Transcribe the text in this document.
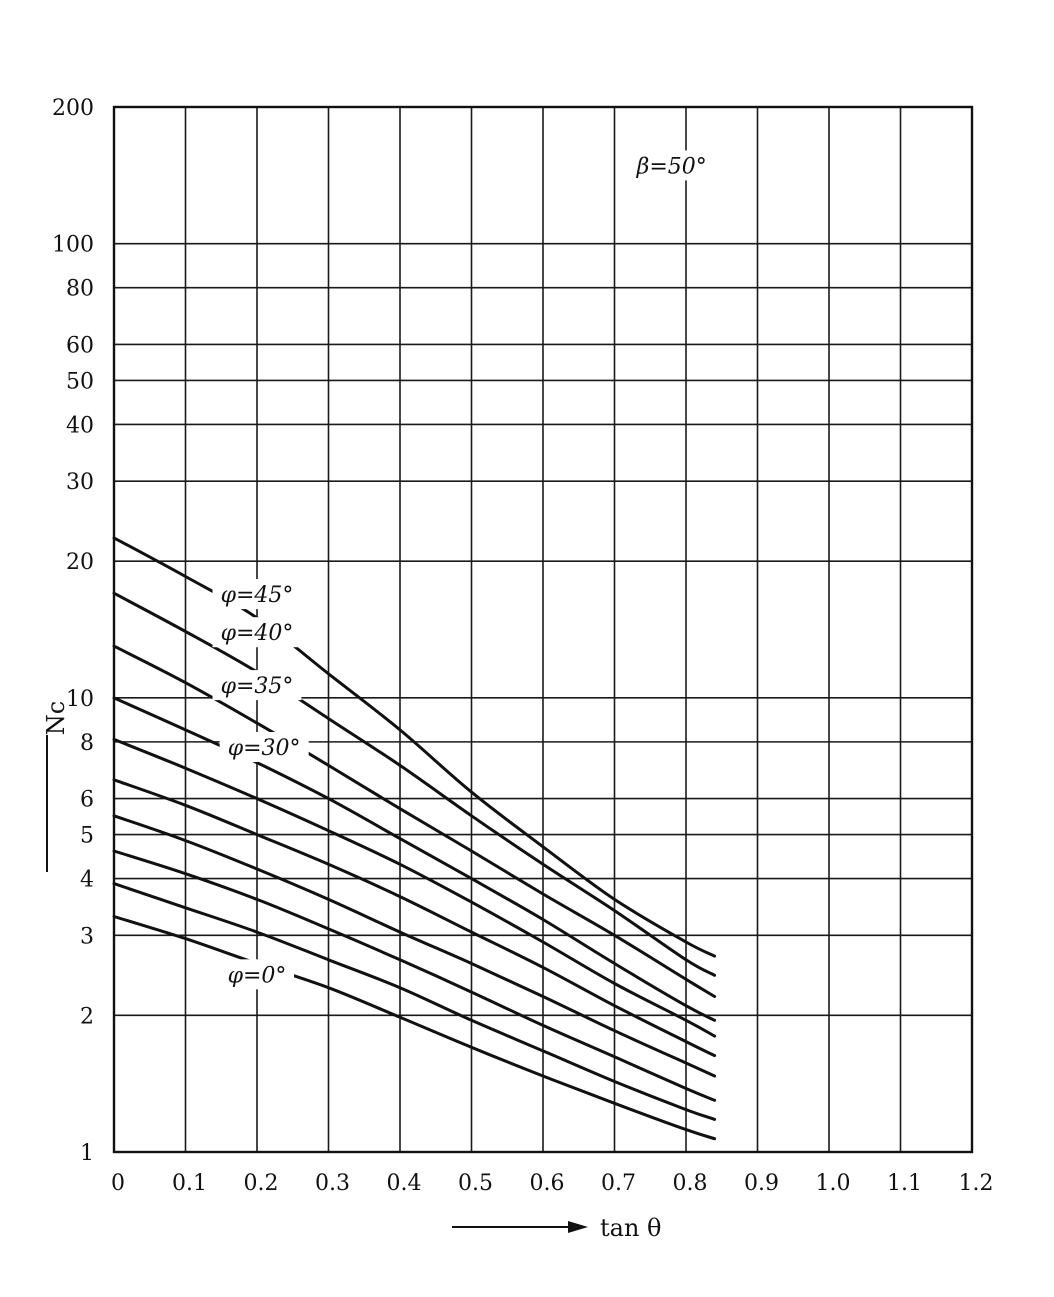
β=50°
φ=45°
φ=40°
φ=35°
φ=30°
φ=0°
0 0.1 0.2 0.3 0.4 0.5 0.6 0.7 0.8 0.9 1.0 1.1 1.2
1
2
3
4
5
6
8
10
20
30
40
50
60
80
100
200
Nc
tan θ
